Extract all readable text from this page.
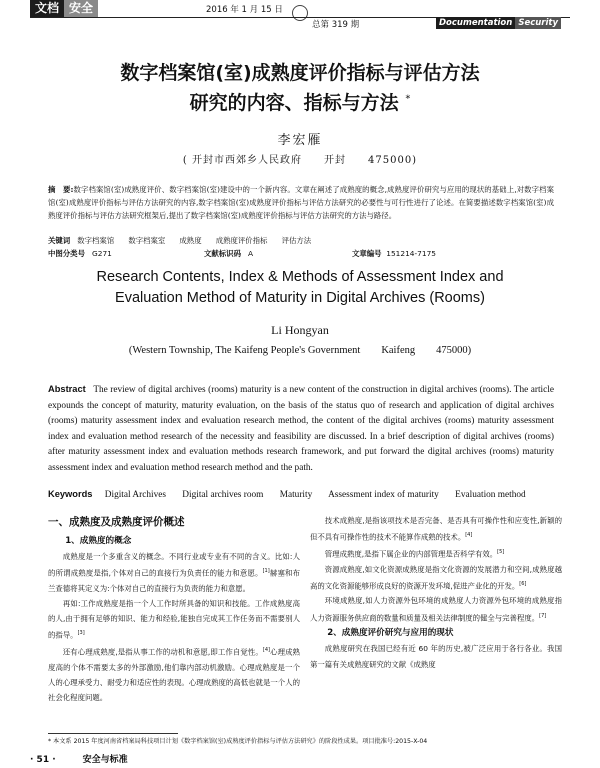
文档 安全	2016 年 1 月 15 日
总第 319 期	Documentation Security
数字档案馆(室)成熟度评价指标与评估方法
研究的内容、指标与方法 *
李宏雁
( 开封市西郊乡人民政府　　开封　　475000)
摘　要:数字档案馆(室)成熟度评价、数字档案馆(室)建设中的一个新内容。文章在阐述了成熟度的概念,成熟度评价研究与应用的现状的基础上,对数字档案馆(室)成熟度评价指标与评估方法研究的内容,数字档案馆(室)成熟度评价指标与评估方法研究的必要性与可行性进行了论述。在简要描述数字档案馆(室)成熟度评价指标与评估方法研究框架后,提出了数字档案馆(室)成熟度评价指标与评估方法研究的方法与路径。
关键词 数字档案馆 数字档案室 成熟度 成熟度评价指标 评估方法
中图分类号 G271	文献标识码 A	文章编号 151214-7175
Research Contents, Index & Methods of Assessment Index and
Evaluation Method of Maturity in Digital Archives (Rooms)
Li Hongyan
(Western Township, The Kaifeng People's Government　　Kaifeng　　475000)
Abstract The review of digital archives (rooms) maturity is a new content of the construction in digital archives (rooms). The article expounds the concept of maturity, maturity evaluation, on the basis of the status quo of research and application of digital archives (rooms) maturity assessment index and evaluation research method, the content of the digital archives (rooms) maturity assessment index and evaluation method research of the necessity and feasibility are discussed. In a brief description of digital archives (rooms) after maturity assessment index and evaluation methods research framework, and put forward the digital archives (rooms) maturity assessment index and evaluation method research method and the path.
Keywords Digital Archives Digital archives room Maturity Assessment index of maturity Evaluation method
一、成熟度及成熟度评价概述
1、成熟度的概念

成熟度是一个多重含义的概念。不同行业或专业有不同的含义。比如:人的所谓成熟度是指,个体对自己的直接行为负责任的能力和意愿。[1]赫塞和布兰查德将其定义为:个体对自己的直接行为负责的能力和意愿。

再如:工作成熟度是指一个人工作时所具备的知识和技能。工作成熟度高的人,由于拥有足够的知识、能力和经验,能独自完成其工作任务而不需要别人的指导。[3]

还有心理成熟度,是指从事工作的动机和意愿,即工作自觉性。[4]心理成熟度高的个体不需要太多的外部激励,他们靠内部动机激励。心理成熟度是一个人的心理承受力、耐受力和适应性的表现。心理成熟度的高低也就是一个人的社会化程度问题。

技术成熟度,是指该项技术是否完备、是否具有可操作性和应变性,新颖的但不具有可操作性的技术不能算作成熟的技术。[4]

管理成熟度,是指下属企业的内部管理是否科学有效。[5]

资源成熟度,如文化资源成熟度是指文化资源的发展潜力和空间,成熟度越高的文化资源能够形成良好的资源开发环境,促进产业化的开发。[6]

环境成熟度,如人力资源外包环境的成熟度人力资源外包环境的成熟度指人力资源服务供应商的数量和质量及相关法律制度的健全与完善程度。[7]

2、成熟度评价研究与应用的现状

成熟度研究在我国已经有近 60 年的历史,被广泛应用于各行各业。我国第一篇有关成熟度研究的文献《成熟度

* 本文系 2015 年度河南省档案局科技项目计划《数字档案馆(室)成熟度评价指标与评估方法研究》的阶段性成果。项目批准号:2015-X-04
· 51 ·　　　安全与标准
